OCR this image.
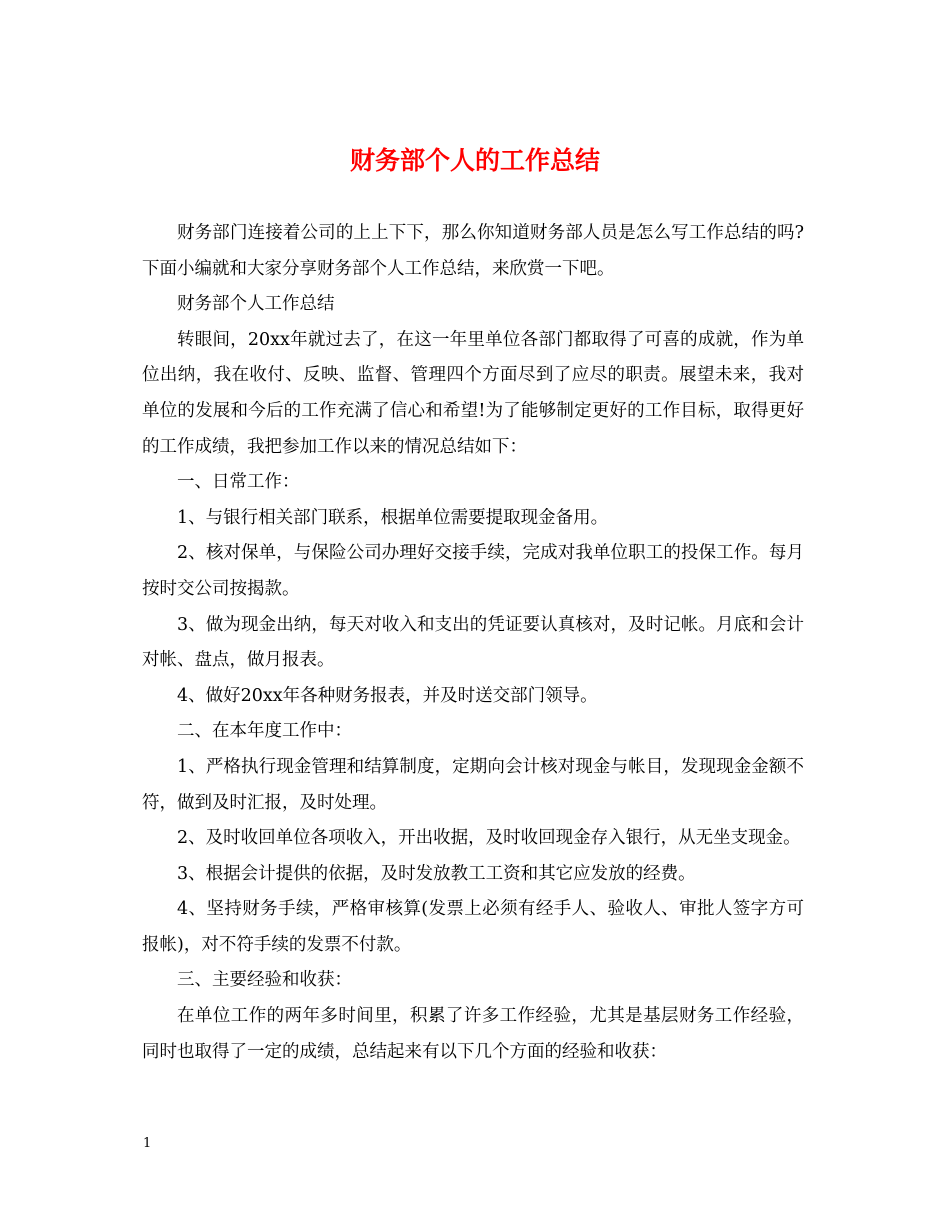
财务部个人的工作总结

财务部门连接着公司的上上下下，那么你知道财务部人员是怎么写工作总结的吗?下面小编就和大家分享财务部个人工作总结，来欣赏一下吧。

财务部个人工作总结

转眼间，20xx年就过去了，在这一年里单位各部门都取得了可喜的成就，作为单位出纳，我在收付、反映、监督、管理四个方面尽到了应尽的职责。展望未来，我对单位的发展和今后的工作充满了信心和希望!为了能够制定更好的工作目标，取得更好的工作成绩，我把参加工作以来的情况总结如下：

一、日常工作：

1、与银行相关部门联系，根据单位需要提取现金备用。

2、核对保单，与保险公司办理好交接手续，完成对我单位职工的投保工作。每月按时交公司按揭款。

3、做为现金出纳，每天对收入和支出的凭证要认真核对，及时记帐。月底和会计对帐、盘点，做月报表。

4、做好20xx年各种财务报表，并及时送交部门领导。

二、在本年度工作中：

1、严格执行现金管理和结算制度，定期向会计核对现金与帐目，发现现金金额不符，做到及时汇报，及时处理。

2、及时收回单位各项收入，开出收据，及时收回现金存入银行，从无坐支现金。

3、根据会计提供的依据，及时发放教工工资和其它应发放的经费。

4、坚持财务手续，严格审核算(发票上必须有经手人、验收人、审批人签字方可报帐)，对不符手续的发票不付款。

三、主要经验和收获：

在单位工作的两年多时间里，积累了许多工作经验，尤其是基层财务工作经验，同时也取得了一定的成绩，总结起来有以下几个方面的经验和收获：

1
